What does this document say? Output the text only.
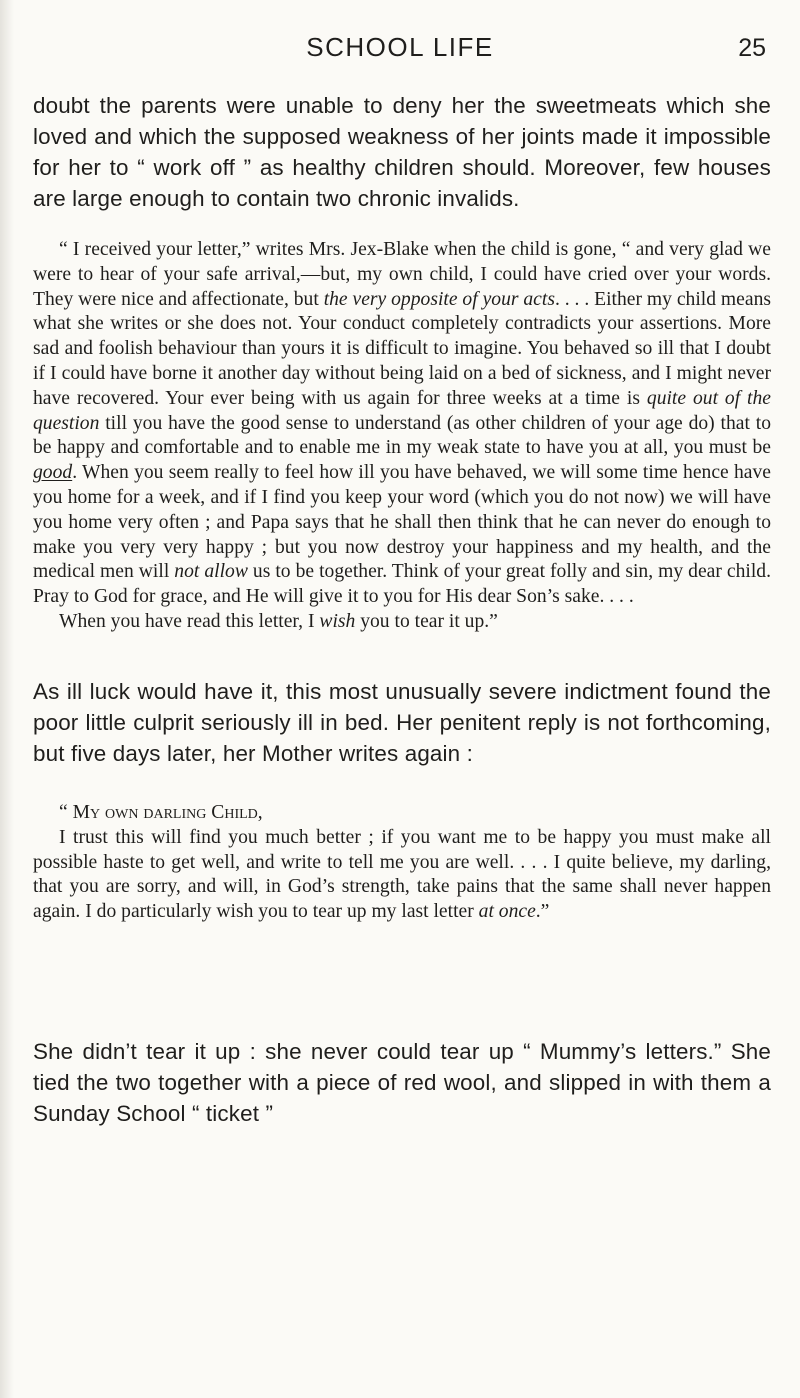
SCHOOL LIFE	25

doubt the parents were unable to deny her the sweetmeats which she loved and which the supposed weakness of her joints made it impossible for her to “ work off ” as healthy children should. Moreover, few houses are large enough to contain two chronic invalids.

“ I received your letter,” writes Mrs. Jex-Blake when the child is gone, “ and very glad we were to hear of your safe arrival,—but, my own child, I could have cried over your words. They were nice and affectionate, but the very opposite of your acts. . . . Either my child means what she writes or she does not. Your conduct completely contradicts your assertions. More sad and foolish behaviour than yours it is difficult to imagine. You behaved so ill that I doubt if I could have borne it another day without being laid on a bed of sickness, and I might never have recovered. Your ever being with us again for three weeks at a time is quite out of the question till you have the good sense to understand (as other children of your age do) that to be happy and comfortable and to enable me in my weak state to have you at all, you must be good. When you seem really to feel how ill you have behaved, we will some time hence have you home for a week, and if I find you keep your word (which you do not now) we will have you home very often ; and Papa says that he shall then think that he can never do enough to make you very very happy ; but you now destroy your happiness and my health, and the medical men will not allow us to be together. Think of your great folly and sin, my dear child. Pray to God for grace, and He will give it to you for His dear Son’s sake. . . .

When you have read this letter, I wish you to tear it up.”

As ill luck would have it, this most unusually severe indictment found the poor little culprit seriously ill in bed. Her penitent reply is not forthcoming, but five days later, her Mother writes again :

“ My own darling Child,

I trust this will find you much better ; if you want me to be happy you must make all possible haste to get well, and write to tell me you are well. . . . I quite believe, my darling, that you are sorry, and will, in God’s strength, take pains that the same shall never happen again. I do particularly wish you to tear up my last letter at once.”

She didn’t tear it up : she never could tear up “ Mummy’s letters.” She tied the two together with a piece of red wool, and slipped in with them a Sunday School “ ticket ”
